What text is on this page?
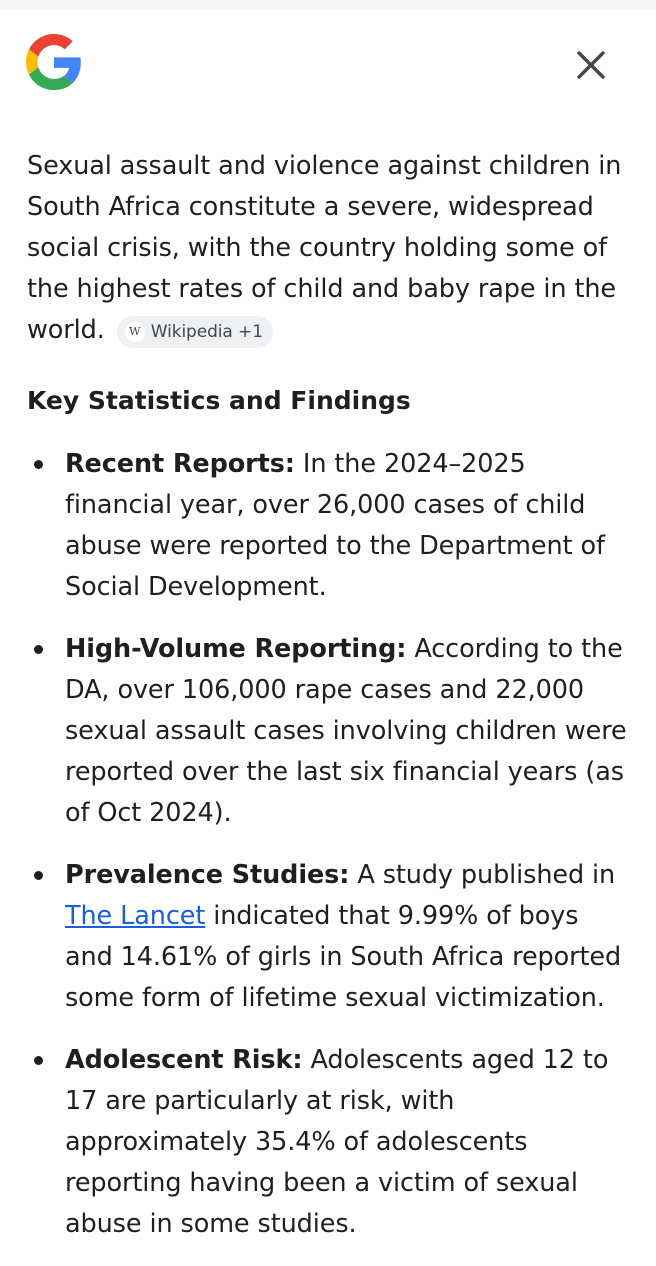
Sexual assault and violence against children in South Africa constitute a severe, widespread social crisis, with the country holding some of the highest rates of child and baby rape in the world.	W Wikipedia +1

Key Statistics and Findings
Recent Reports: In the 2024–2025 financial year, over 26,000 cases of child abuse were reported to the Department of Social Development.
High-Volume Reporting: According to the DA, over 106,000 rape cases and 22,000 sexual assault cases involving children were reported over the last six financial years (as of Oct 2024).
Prevalence Studies: A study published in The Lancet indicated that 9.99% of boys and 14.61% of girls in South Africa reported some form of lifetime sexual victimization.
Adolescent Risk: Adolescents aged 12 to 17 are particularly at risk, with approximately 35.4% of adolescents reporting having been a victim of sexual abuse in some studies.
